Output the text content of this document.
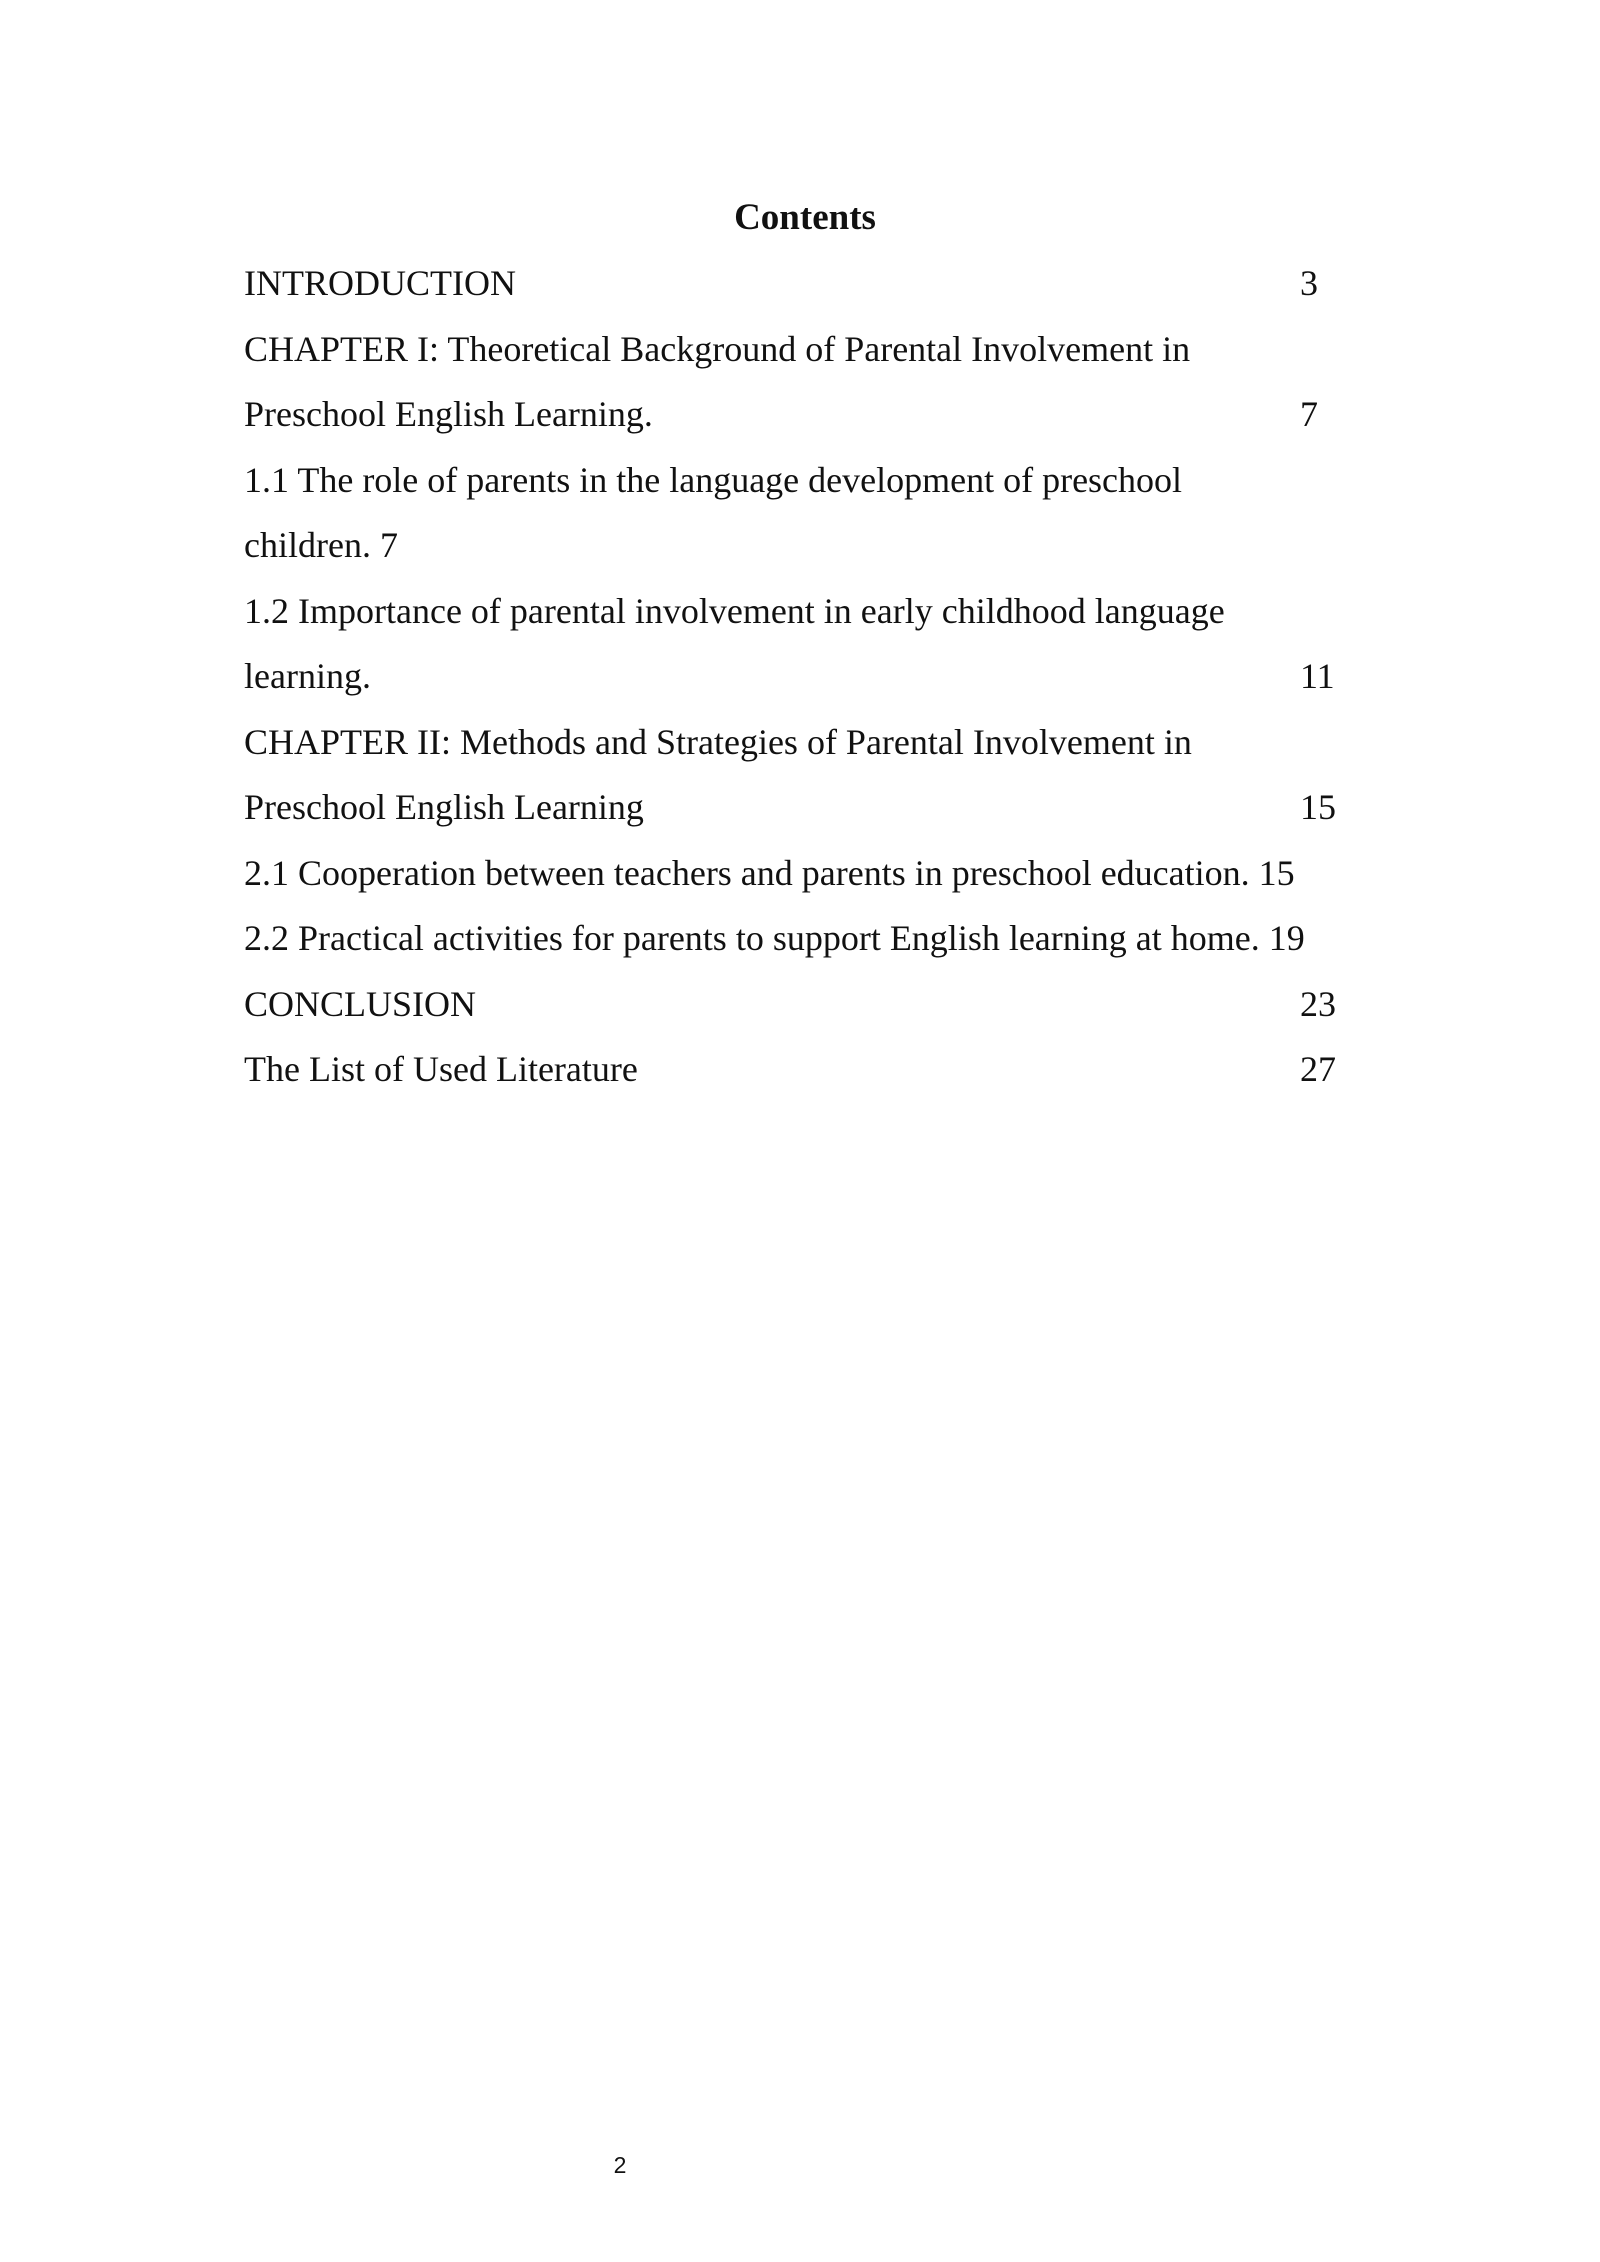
Contents
INTRODUCTION	3
CHAPTER I: Theoretical Background of Parental Involvement in
Preschool English Learning.	7
1.1 The role of parents in the language development of preschool
children. 7
1.2 Importance of parental involvement in early childhood language
learning.	11
CHAPTER II: Methods and Strategies of Parental Involvement in
Preschool English Learning	15
2.1 Cooperation between teachers and parents in preschool education. 15
2.2 Practical activities for parents to support English learning at home. 19
CONCLUSION	23
The List of Used Literature	27
2
